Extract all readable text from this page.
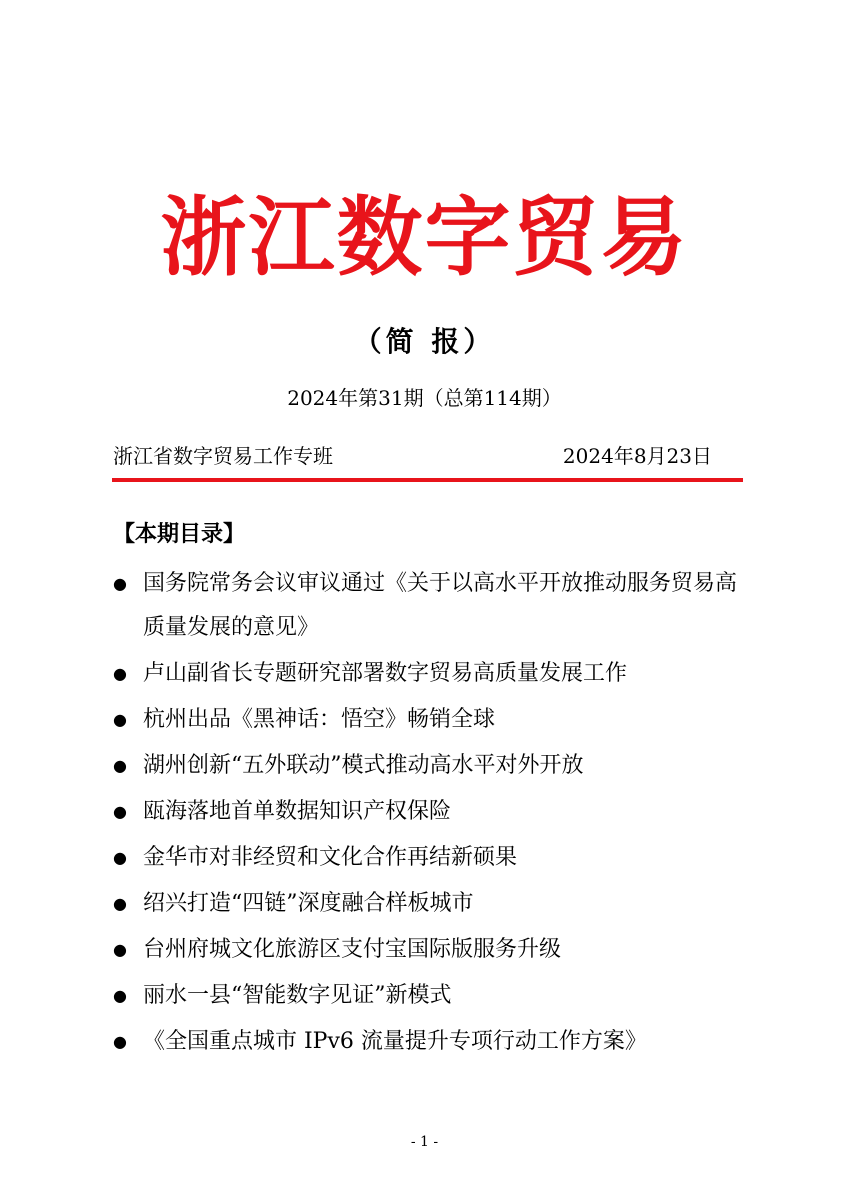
浙江数字贸易
（简 报）
2024年第31期（总第114期）
浙江省数字贸易工作专班	2024年8月23日
【本期目录】
● 国务院常务会议审议通过《关于以高水平开放推动服务贸易高质量发展的意见》
● 卢山副省长专题研究部署数字贸易高质量发展工作
● 杭州出品《黑神话：悟空》畅销全球
● 湖州创新“五外联动”模式推动高水平对外开放
● 瓯海落地首单数据知识产权保险
● 金华市对非经贸和文化合作再结新硕果
● 绍兴打造“四链”深度融合样板城市
● 台州府城文化旅游区支付宝国际版服务升级
● 丽水一县“智能数字见证”新模式
● 《全国重点城市 IPv6 流量提升专项行动工作方案》
- 1 -
